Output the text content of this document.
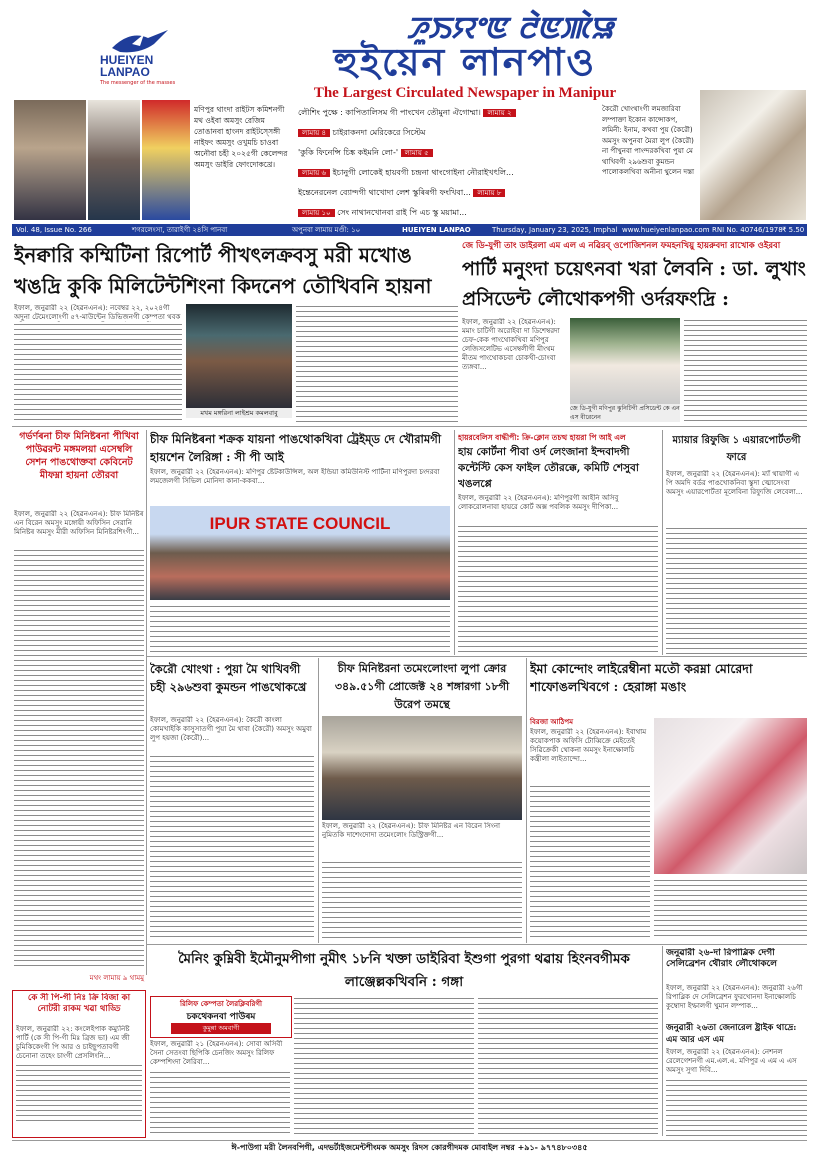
ꯍꯨꯏꯌꯦꯟ ꯂꯥꯟꯄꯥꯎ
HUEIYEN
LANPAO
The messenger of the masses	হুইয়েন লানপাও
The Largest Circulated Newspaper in Manipur
মণিপুর থাংদা রাইটস কমিশনগী মথ ওইবা অমসুং রেজিম তোঙানবা হাংনদ রাইটস্সেঙ্গী নাইফং অমসুং ওখুমচি চাওবা অনৌবা চহী ২০২৫গী কেলেন্দর অমসুং ডাইরি ফোংদোকখ্রে।
লৌশিং পুক্ষে : কাপিতালিসম গী পাংখেন তৌমুনা ঐগোম্মা। লামায় ২
লামায় ৪ চাইরাকনদা মেরিকেরে সিস্টেম
'কুকি ফিনেন্সি চিঙ্ক কইমনি লো-' লামায় ৫
লামায় ৬ ইচানুগী লোকেই হায়বগী চন্দ্রনা থাংগোইনা নৌরাইখৎলি...
ইন্তেনেরনেল ব্যোন্দগী থাখোদা লেশ স্কুৰিৰগী ফংখিবা... লামায় ৮
লামায় ১০ সেং নাথানখোনবা রাই পি এচ স্কু ময়ামা...
কৈরৌ খোংথাংগী লমজারিবা লম্পাক্তা ইকোন কান্সোকপ, লমিনী: ইনাম, কখবা পুয় (কৈরৌ) অমসুং অপুনবা মৈরা লুপ (কৈরৌ) না পীখুনবা পাংন্দরকখিবা পুয়া মে থাখিবগী ২৯৬শুবা কুমন্ডন পালোকলখিবা অনীনা থুলেন দস্তা
Vol. 48, Issue No. 266	শগরলেংসা, তারাইগী ২৪সি পানবা	অপুনবা লামায় মণ্ডী: ১০	HUEIYEN LANPAO	Thursday, January 23, 2025, Imphal www.hueiyenlanpao.com RNI No. 40746/1978 ₹ 5.50
ইনক্বারি কম্মিটিনা রিপোর্ট পীখৎলক্ৰবসু মরী মখোঙ খঙদ্রি কুকি মিলিটেন্টশিংনা কিদনেপ তৌখিবনি হায়না
ইফাল, জনুৱারী ২২ (হৈৱনএনএ): নবেম্বর ২২, ২০২৪গী অদুনা টেমেংলোংগী ৫৭-মাউন্টেন ডিভিজনগী কেম্পতা থবক
মখম মঙ্গরিনা লাইশ্রম কমলবাবু
জে ডি-যুগী তাং ডাইরলা এম এল এ নৱিরব্ ওপোজিশনল ফমহনখিয়ু হায়রুবদা রাখোক ওইরবা
পার্টি মনুংদা চয়েৎনবা খরা লৈবনি : ডা. লুখাং প্রসিডেন্ট লৌথোকপগী ওর্দরফংদ্রি :
ইফাল, জনুৱারী ২২ (হৈৱনএনএ): মমাং চাটিগী অরোইবা দা ডিশেম্বরদা চেফ-কেক পাংথোকখিবা মণিপুর লেজিসলেটিভ এসেম্বলীগী মীংথম মীতম পাংথোকচবা চোকখী-চোংবা ত্যঙ্গবা...
জে ডি-যুগী মণিপুর ঝুনিটিগী প্রসিডেন্ট কে এন এস বীরেনেন
গৰ্ভৰ্ণৰনা চীফ মিনিষ্টৰনা পীখিবা পাউৱরন্ট মঙ্গমলয়া এসেম্বলি সেশন পাঙথোক্তবা কেবিনেট মীফম্না হায়না তৌরবা
ইফাল, জনুৱারী ২২ (হৈৱনএনএ): চীফ মিনিষ্টৰ এন বিরেন অমসুং মঙ্গোয়ী অফিসিন সেরানি মিনিষ্টৰ অমসুং মীরী অফিসিন মিনিষ্টরশিংগী...
মথং লামায় ৯ থামমু
চীফ মিনিষ্টৰনা শক্ৰক যায়না পাঙথোকখিবা ট্রেইম্ড দে খৌরামগী হায়শেন লৈরিঙ্গা : সী পী আই
ইফাল, জনুৱারী ২২ (হৈৱনএনএ): মণিপুর ষ্টেটকাউন্সিল, অল ইন্ডিয়া কমিউনিস্ট পার্টিনা মণিপুরদা চংদরবা লমজেলগী সিভিল মোনিদা কানা-ককবা...
IPUR STATE COUNCIL
হায়রবেলিস বাদ্ধীপী: ক্রি-ক্লোন তচত্থ হায়রা পি আই এল
হায় কোর্টনা পীবা ওর্দ লেংজানা ইন্দবাদগী কন্টেস্টি কেস ফাইল তৌরক্কে, কমিটি শেসুবা খঙলপ্পে
ইফাল, জনুৱারী ২২ (হৈৱনএনএ): মণিপুরগী আইনি অসিবু লোকরোলনাবা হায়রে কোর্ট অক্স পবলিক অমসুং দীপিকা...
ম্যায়ার রিফুজি ১ এয়ারপোর্টতগী ফারে
ইফাল, জনুৱারী ২২ (হৈৱনএনএ): ম্যাঁ থায়াগী এ পি অমদি বর্ডর পাঙখোকনিবা স্কুদা ত্মোসেংবা অমসুং এয়ারপোর্টতা মূলেবিনা রিফ্যুজি লেবেলা...
কৈরৌ খোংথা : পুয়া মৈ থাখিবগী চহী ২৯৬শুবা কুমন্ডন পাঙথোকখ্রে
ইফাল, জনুৱারী ২২ (হৈৱনএনএ): কৈরৌ কাংলা কোমখাইকি কাসুসাতগী পুয়া মৈ থাবা (কৈরৌ) অমসুং অমুবা লুপ হয়জা (কৈরৌ)...
চীফ মিনিষ্টরনা তমেংলোংদা লুপা ক্রোর ৩৪৯.৫১গী প্রোজেক্ট ২৪ শঙ্গারগা ১৮গী উরেপ তমন্থে
ইফাল, জনুৱারী ২২ (হৈৱনএনএ): চীফ মিনিষ্টর এন বিরেন সিংনা নুমিতকি দাশেংদোদা তমেংলোং ডিস্ট্রিক্তগী...
ইমা কোন্দোং লাইরেম্বীনা মতৌ করম্না মোরেদা শাফোঙলখিবগে : হেরাঙ্গা মঙাং
বিরজা আঠিপম
ইফাল, জনুৱারী ২২ (হৈৱনএনএ): ইবাথাম কয়োকপাক অফিসি টোব্বিক্রে মেইতেই সিৱিক্রেকী থোকনা অমসুং ইনাক্ষোলচি কন্ত্রীলা লাইতান্দো...
মৈনিং কুম্নিবী ইমৌনুমপীগা নুমীৎ ১৮নি খক্তা ডাইরিবা ইশুগা পুরগা থৱায় হিংনবগীমক লাঞ্জেল্লকখিবনি : গঙ্গা
রিলিফ কেম্পতা লৈরক্লিবরিগী
চকথেকনবা পাউৰম
কুমুন্না অমবাগী
ইফাল, জনুৱারী ২১ (হৈৱনএনএ): সোবা অসিবী সৈনা সেতংবা ছিপিকি চেনজিং অমসুং রিলিফ কেম্পশিংদা লৈরিবা...
কে সী পি-গী নিঃ ক্রি বিজা কা নোটরী রাকম খৱা থাড্ডি
ইফাল, জনুৱারী ২২: কংলেইপাক কম্যুনিষ্ট পার্টি (কে সী পি-গী মিঃ ব্রিজ ভা) এম জী চুমিকিকেংগী পি আর ও চাইছুপতাবগী চেনোনা তহেং চাংগী প্রেসলিংনি...
জনুৱারী ২৬-দা রিপাব্লিক দেগী সেলিব্রেশন থৌরাং লৌথোকলে
ইফাল, জনুৱারী ২২ (হৈৱনএনএ): জনুৱারী ২৬গী রিপাব্লিক দে সেলিব্রেশন ফুরখোনদা ইনাক্ষোলচি কুম্বোদা ইম্ফালগী খুমান লম্পাক...
জনুৱারী ২৬তা জেনারেল ষ্ট্রাইক থাদ্রে: এম আর এস এম
ইফাল, জনুৱারী ২২ (হৈৱনএনএ): নেশনল রেলেগেশনগী এম.এল.এ. মণিপুর এ এম এ এস অমসুং সুগা দিবি...
ঈ-পাউগা মরী লৈনবপিগী, এদভর্টাইজমেন্টশীংমক অমসুং রিদস কোরগীদমক মোবাইল নম্বর +৯১- ৯৭৭৪৮০৩৪৫
